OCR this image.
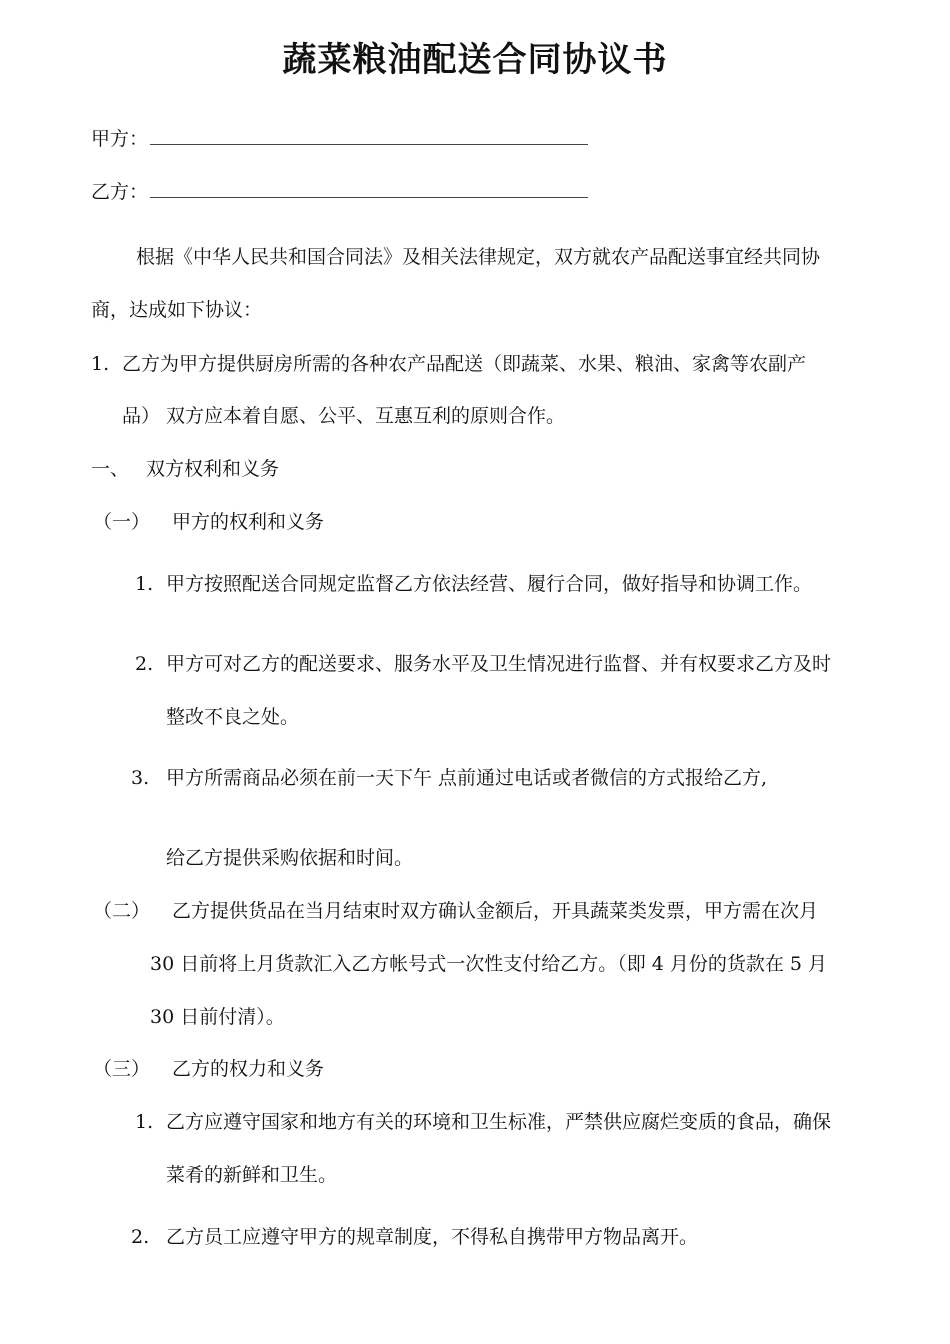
蔬菜粮油配送合同协议书
甲方：
乙方：
根据《中华人民共和国合同法》及相关法律规定，双方就农产品配送事宜经共同协
商，达成如下协议：
1. 乙方为甲方提供厨房所需的各种农产品配送（即蔬菜、水果、粮油、家禽等农副产
品） 双方应本着自愿、公平、互惠互利的原则合作。
一、 双方权利和义务
（一） 甲方的权利和义务
1. 甲方按照配送合同规定监督乙方依法经营、履行合同，做好指导和协调工作。
2. 甲方可对乙方的配送要求、服务水平及卫生情况进行监督、并有权要求乙方及时
整改不良之处。
3. 甲方所需商品必须在前一天下午 点前通过电话或者微信的方式报给乙方,
给乙方提供采购依据和时间。
（二） 乙方提供货品在当月结束时双方确认金额后，开具蔬菜类发票，甲方需在次月
30 日前将上月货款汇入乙方帐号式一次性支付给乙方。（即 4 月份的货款在 5 月
30 日前付清）。
（三） 乙方的权力和义务
1. 乙方应遵守国家和地方有关的环境和卫生标准，严禁供应腐烂变质的食品，确保
菜肴的新鲜和卫生。
2. 乙方员工应遵守甲方的规章制度，不得私自携带甲方物品离开。
